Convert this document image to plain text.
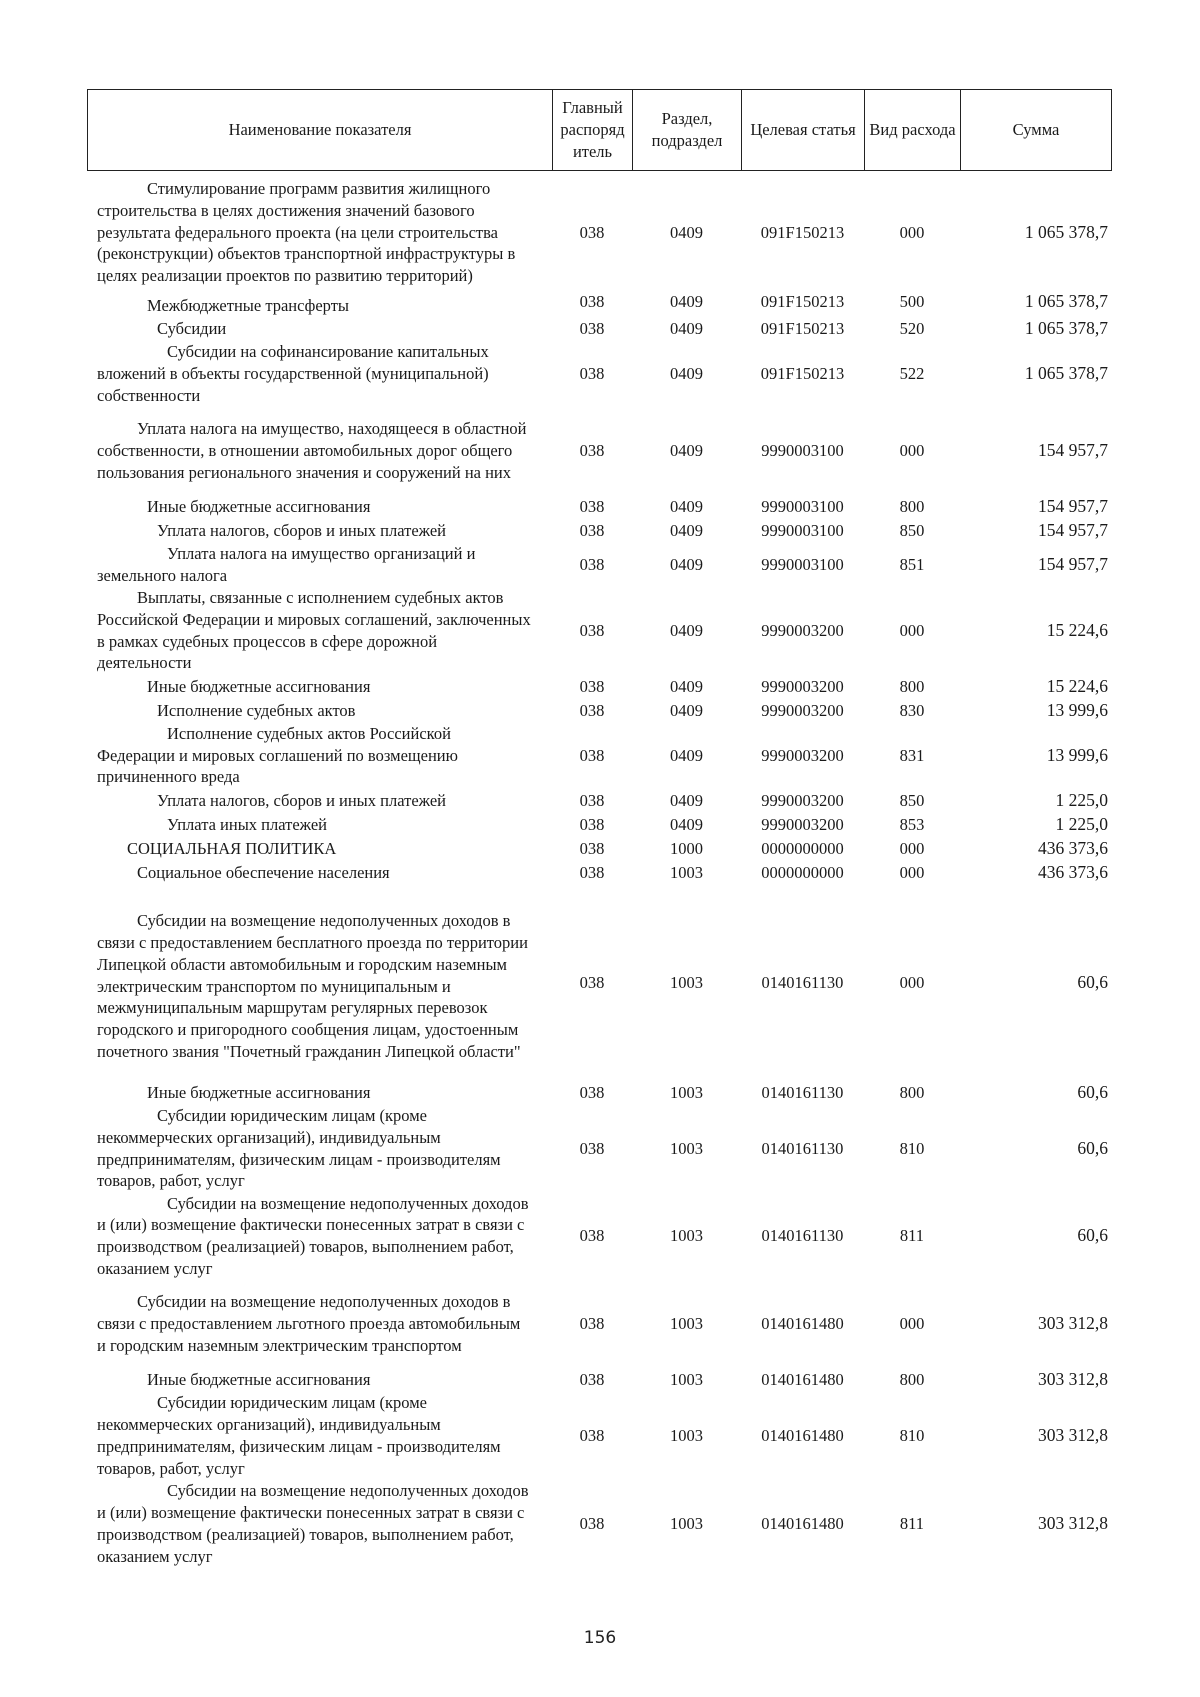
Наименование показателя	Главный распоряд итель	Раздел, подраздел	Целевая статья	Вид расхода	Сумма
Стимулирование программ развития жилищного строительства в целях достижения значений базового результата федерального проекта (на цели строительства (реконструкции) объектов транспортной инфраструктуры в целях реализации проектов по развитию территорий)	038	0409	091F150213	000	1 065 378,7
Межбюджетные трансферты	038	0409	091F150213	500	1 065 378,7
Субсидии	038	0409	091F150213	520	1 065 378,7
Субсидии на софинансирование капитальных вложений в объекты государственной (муниципальной) собственности	038	0409	091F150213	522	1 065 378,7
Уплата налога на имущество, находящееся в областной собственности, в отношении автомобильных дорог общего пользования регионального значения и сооружений на них	038	0409	9990003100	000	154 957,7
Иные бюджетные ассигнования	038	0409	9990003100	800	154 957,7
Уплата налогов, сборов и иных платежей	038	0409	9990003100	850	154 957,7
Уплата налога на имущество организаций и земельного налога	038	0409	9990003100	851	154 957,7
Выплаты, связанные с исполнением судебных актов Российской Федерации и мировых соглашений, заключенных в рамках судебных процессов в сфере дорожной деятельности	038	0409	9990003200	000	15 224,6
Иные бюджетные ассигнования	038	0409	9990003200	800	15 224,6
Исполнение судебных актов	038	0409	9990003200	830	13 999,6
Исполнение судебных актов Российской Федерации и мировых соглашений по возмещению причиненного вреда	038	0409	9990003200	831	13 999,6
Уплата налогов, сборов и иных платежей	038	0409	9990003200	850	1 225,0
Уплата иных платежей	038	0409	9990003200	853	1 225,0
СОЦИАЛЬНАЯ ПОЛИТИКА	038	1000	0000000000	000	436 373,6
Социальное обеспечение населения	038	1003	0000000000	000	436 373,6
Субсидии на возмещение недополученных доходов в связи с предоставлением бесплатного проезда по территории Липецкой области автомобильным и городским наземным электрическим транспортом по муниципальным и межмуниципальным маршрутам регулярных перевозок городского и пригородного сообщения лицам, удостоенным почетного звания "Почетный гражданин Липецкой области"	038	1003	0140161130	000	60,6
Иные бюджетные ассигнования	038	1003	0140161130	800	60,6
Субсидии юридическим лицам (кроме некоммерческих организаций), индивидуальным предпринимателям, физическим лицам - производителям товаров, работ, услуг	038	1003	0140161130	810	60,6
Субсидии на возмещение недополученных доходов и (или) возмещение фактически понесенных затрат в связи с производством (реализацией) товаров, выполнением работ, оказанием услуг	038	1003	0140161130	811	60,6
Субсидии на возмещение недополученных доходов в связи с предоставлением льготного проезда автомобильным и городским наземным электрическим транспортом	038	1003	0140161480	000	303 312,8
Иные бюджетные ассигнования	038	1003	0140161480	800	303 312,8
Субсидии юридическим лицам (кроме некоммерческих организаций), индивидуальным предпринимателям, физическим лицам - производителям товаров, работ, услуг	038	1003	0140161480	810	303 312,8
Субсидии на возмещение недополученных доходов и (или) возмещение фактически понесенных затрат в связи с производством (реализацией) товаров, выполнением работ, оказанием услуг	038	1003	0140161480	811	303 312,8
156
